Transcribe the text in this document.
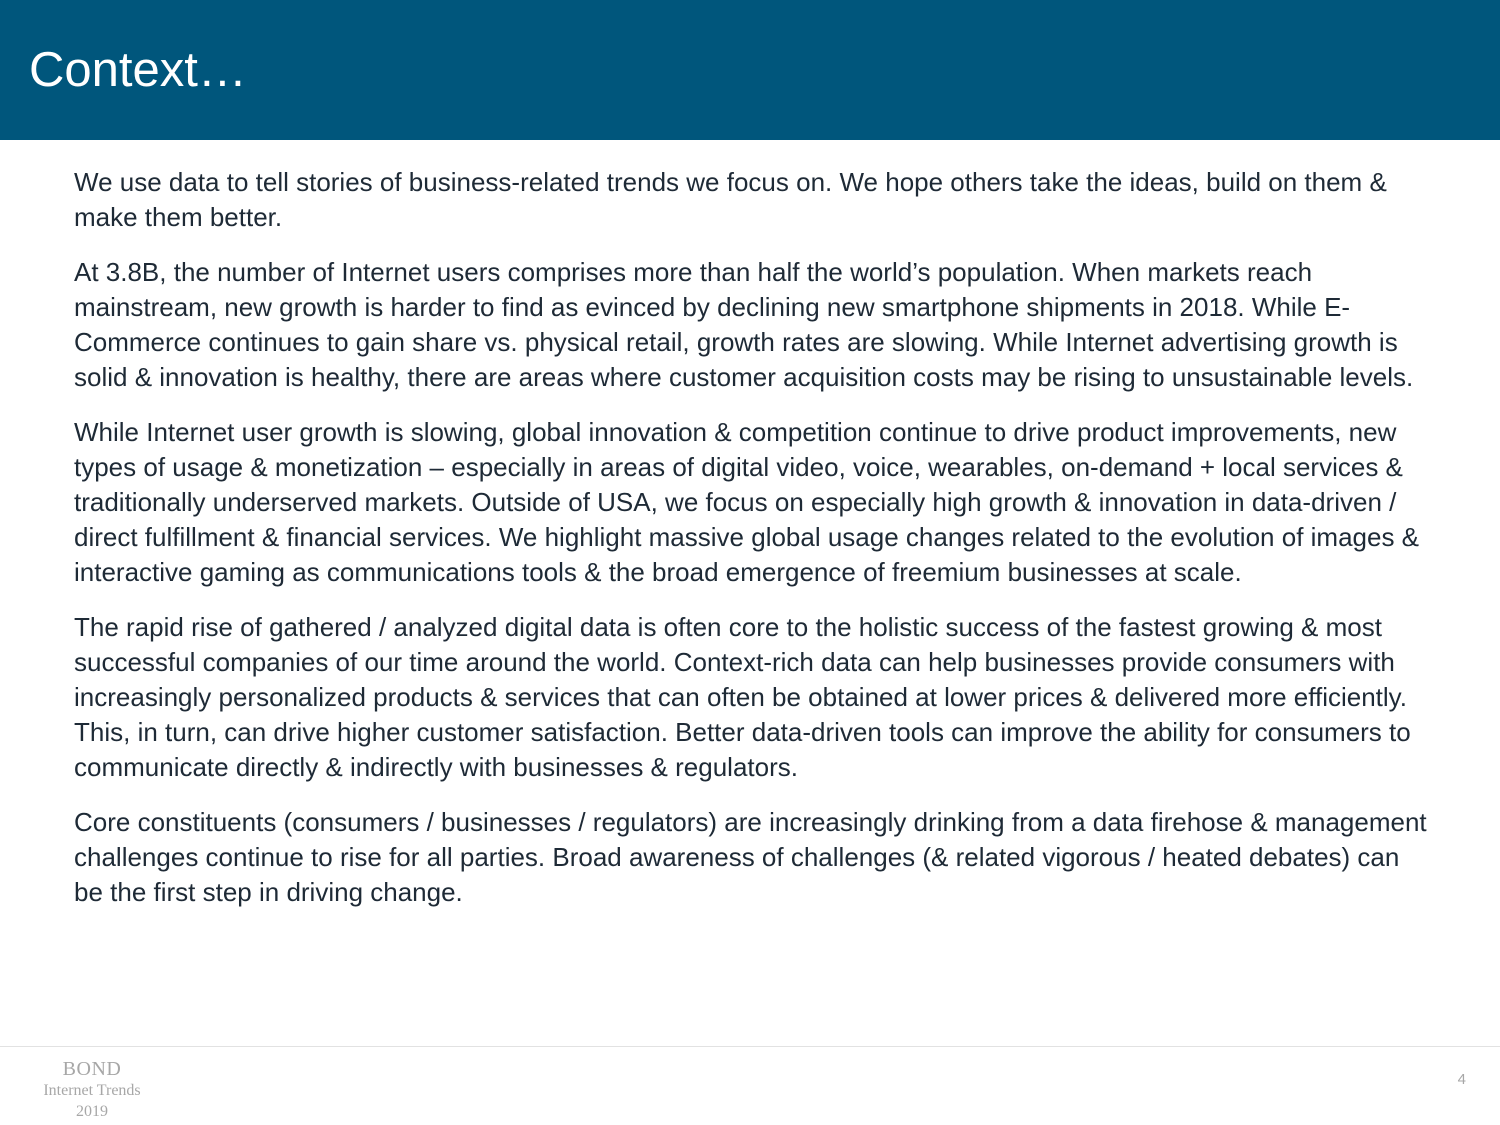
Context…

We use data to tell stories of business-related trends we focus on. We hope others take the ideas, build on them & make them better.

At 3.8B, the number of Internet users comprises more than half the world’s population. When markets reach mainstream, new growth is harder to find as evinced by declining new smartphone shipments in 2018. While E-Commerce continues to gain share vs. physical retail, growth rates are slowing. While Internet advertising growth is solid & innovation is healthy, there are areas where customer acquisition costs may be rising to unsustainable levels.

While Internet user growth is slowing, global innovation & competition continue to drive product improvements, new types of usage & monetization – especially in areas of digital video, voice, wearables, on-demand + local services & traditionally underserved markets. Outside of USA, we focus on especially high growth & innovation in data-driven / direct fulfillment & financial services. We highlight massive global usage changes related to the evolution of images & interactive gaming as communications tools & the broad emergence of freemium businesses at scale.

The rapid rise of gathered / analyzed digital data is often core to the holistic success of the fastest growing & most successful companies of our time around the world. Context-rich data can help businesses provide consumers with increasingly personalized products & services that can often be obtained at lower prices & delivered more efficiently. This, in turn, can drive higher customer satisfaction. Better data-driven tools can improve the ability for consumers to communicate directly & indirectly with businesses & regulators.

Core constituents (consumers / businesses / regulators) are increasingly drinking from a data firehose & management challenges continue to rise for all parties. Broad awareness of challenges (& related vigorous / heated debates) can be the first step in driving change.

BOND
Internet Trends
2019
4
